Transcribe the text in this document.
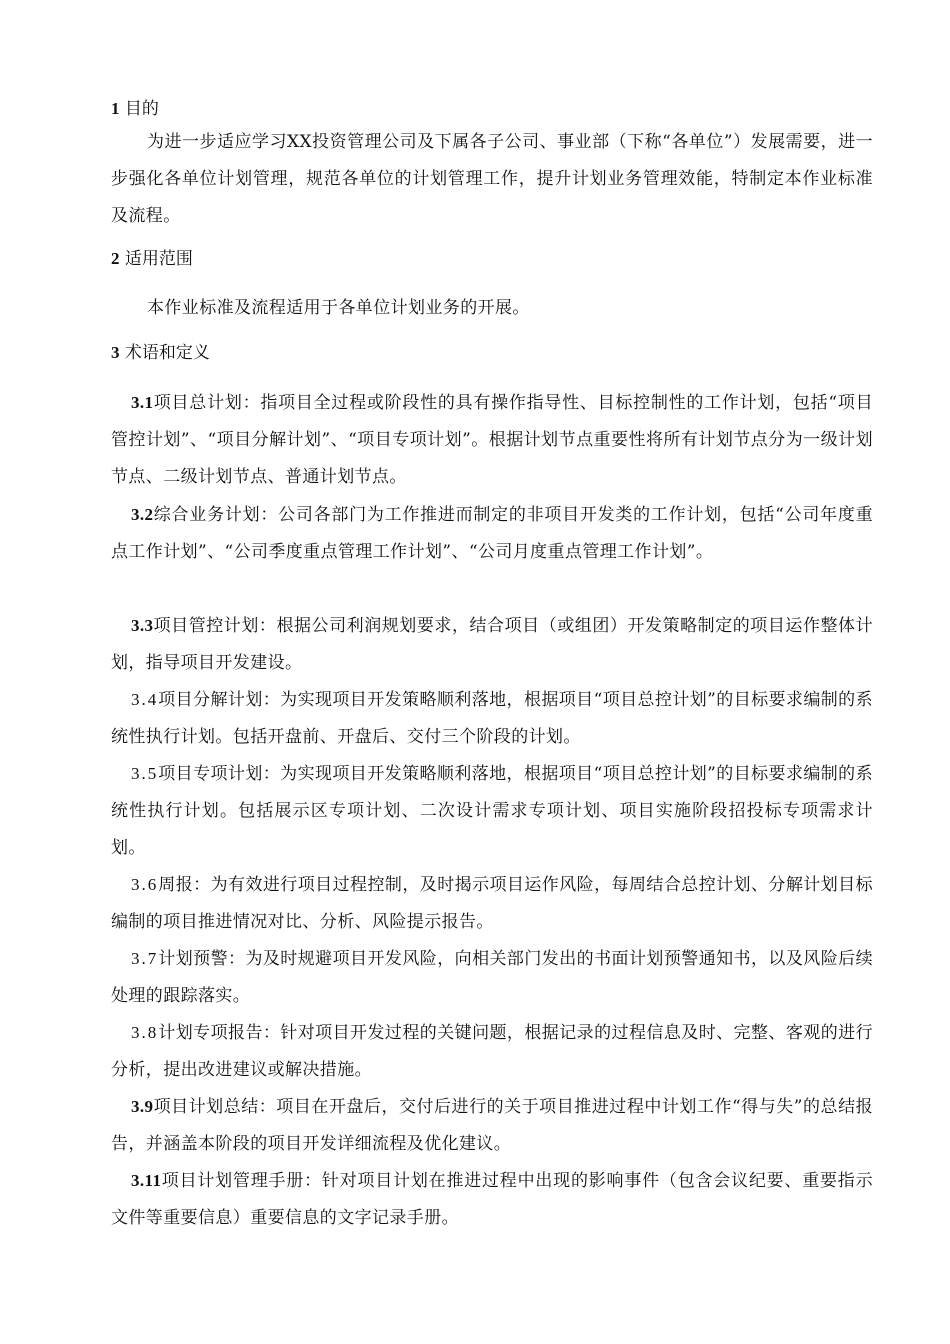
1 目的
为进一步适应学习XX投资管理公司及下属各子公司、事业部（下称“各单位”）发展需要，进一步强化各单位计划管理，规范各单位的计划管理工作，提升计划业务管理效能，特制定本作业标准及流程。
2 适用范围
本作业标准及流程适用于各单位计划业务的开展。
3 术语和定义
3.1项目总计划：指项目全过程或阶段性的具有操作指导性、目标控制性的工作计划，包括“项目管控计划”、“项目分解计划”、“项目专项计划”。根据计划节点重要性将所有计划节点分为一级计划节点、二级计划节点、普通计划节点。
3.2综合业务计划：公司各部门为工作推进而制定的非项目开发类的工作计划，包括“公司年度重点工作计划”、“公司季度重点管理工作计划”、“公司月度重点管理工作计划”。
3.3项目管控计划：根据公司利润规划要求，结合项目（或组团）开发策略制定的项目运作整体计划，指导项目开发建设。
3.4项目分解计划：为实现项目开发策略顺利落地，根据项目“项目总控计划”的目标要求编制的系统性执行计划。包括开盘前、开盘后、交付三个阶段的计划。
3.5项目专项计划：为实现项目开发策略顺利落地，根据项目“项目总控计划”的目标要求编制的系统性执行计划。包括展示区专项计划、二次设计需求专项计划、项目实施阶段招投标专项需求计划。
3.6周报：为有效进行项目过程控制，及时揭示项目运作风险，每周结合总控计划、分解计划目标编制的项目推进情况对比、分析、风险提示报告。
3.7计划预警：为及时规避项目开发风险，向相关部门发出的书面计划预警通知书，以及风险后续处理的跟踪落实。
3.8计划专项报告：针对项目开发过程的关键问题，根据记录的过程信息及时、完整、客观的进行分析，提出改进建议或解决措施。
3.9项目计划总结：项目在开盘后，交付后进行的关于项目推进过程中计划工作“得与失”的总结报告，并涵盖本阶段的项目开发详细流程及优化建议。
3.11项目计划管理手册：针对项目计划在推进过程中出现的影响事件（包含会议纪要、重要指示文件等重要信息）重要信息的文字记录手册。
